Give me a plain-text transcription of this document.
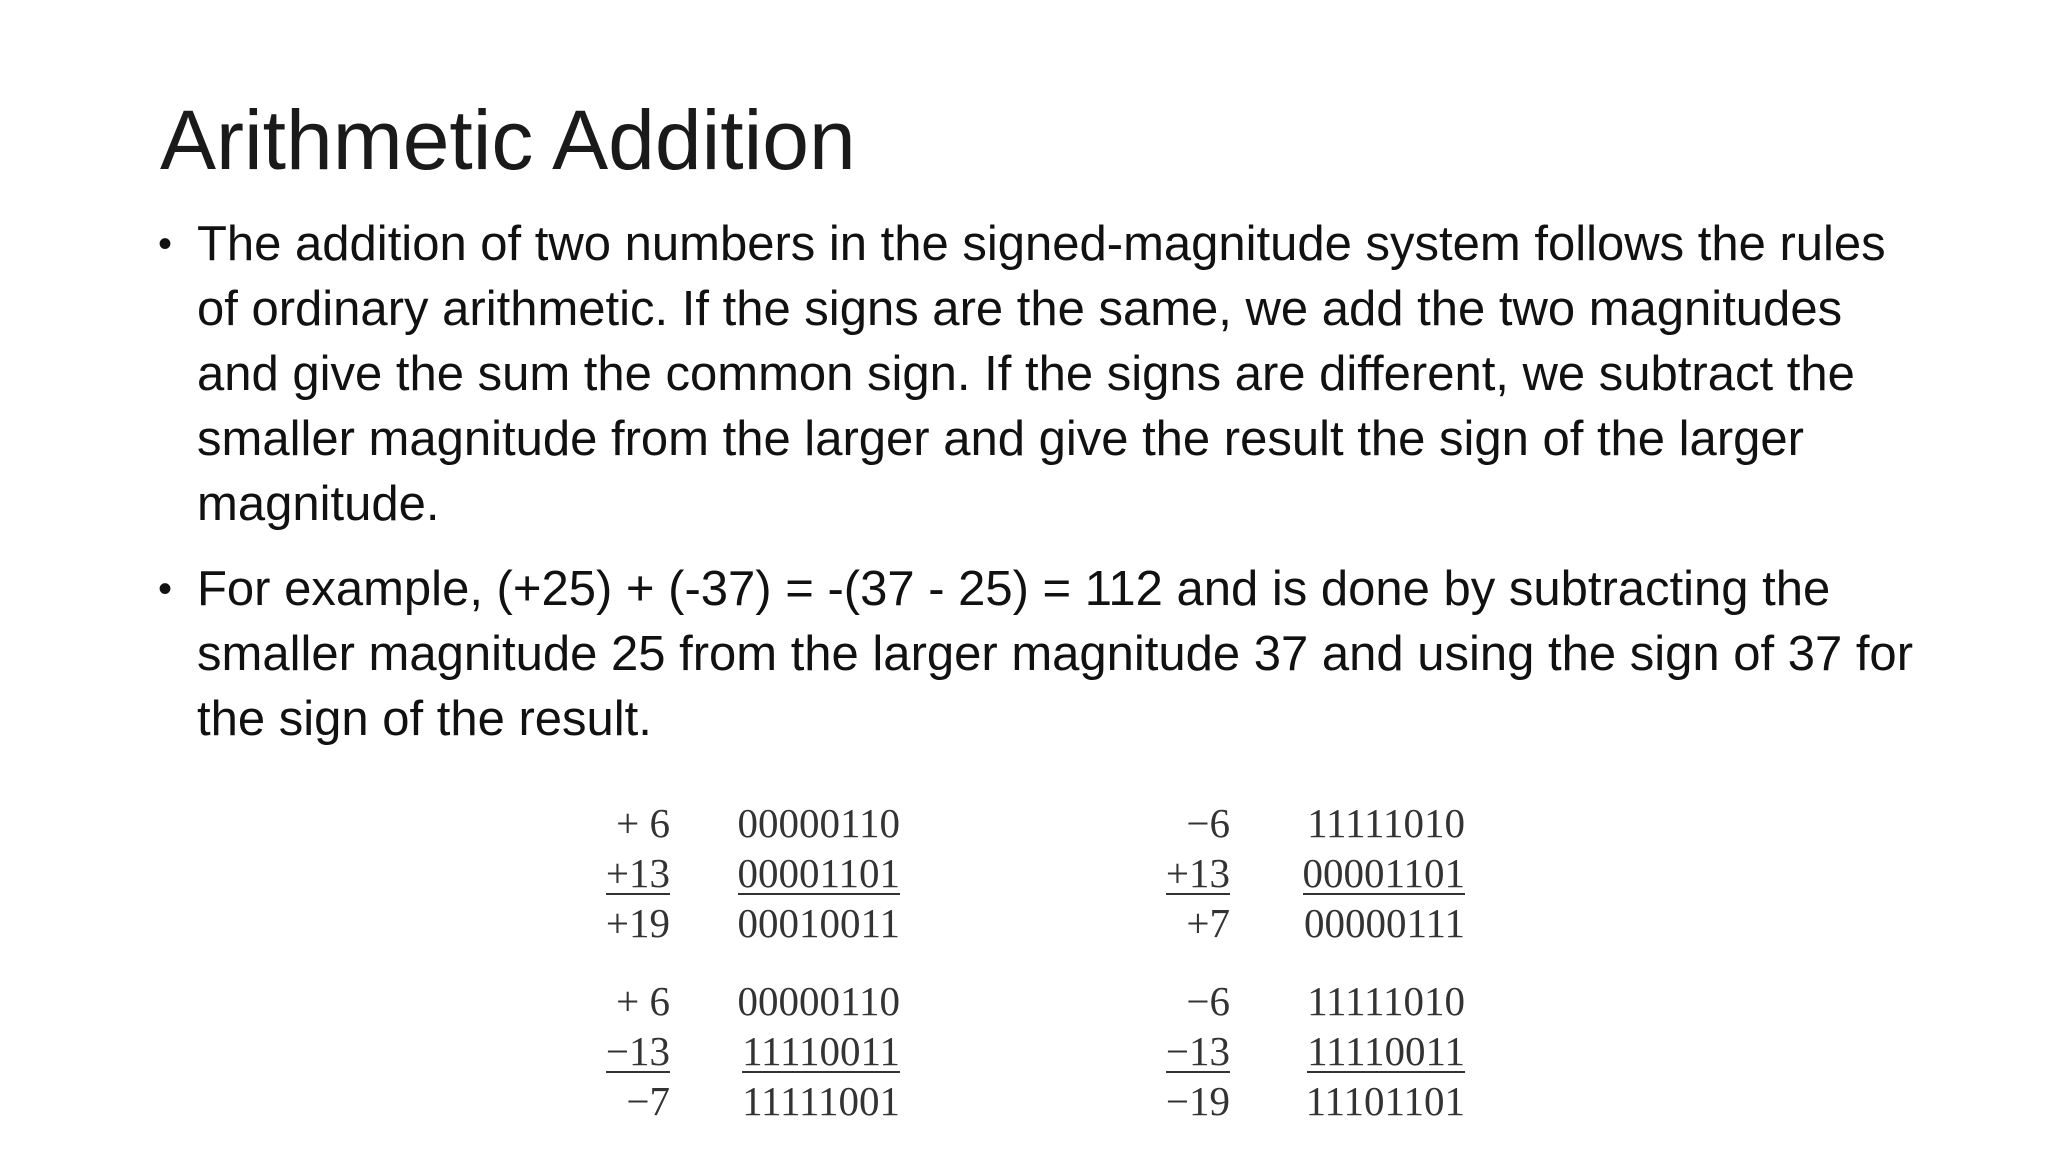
Arithmetic Addition
• The addition of two numbers in the signed-magnitude system follows the rules of ordinary arithmetic. If the signs are the same, we add the two magnitudes and give the sum the common sign. If the signs are different, we subtract the smaller magnitude from the larger and give the result the sign of the larger magnitude.
• For example, (+25) + (-37) = -(37 - 25) = 112 and is done by subtracting the smaller magnitude 25 from the larger magnitude 37 and using the sign of 37 for the sign of the result.
+ 6
+13
+19
00000110
00001101
00010011
−6
+13
+7
11111010
00001101
00000111
+ 6
−13
−7
00000110
11110011
11111001
−6
−13
−19
11111010
11110011
11101101
